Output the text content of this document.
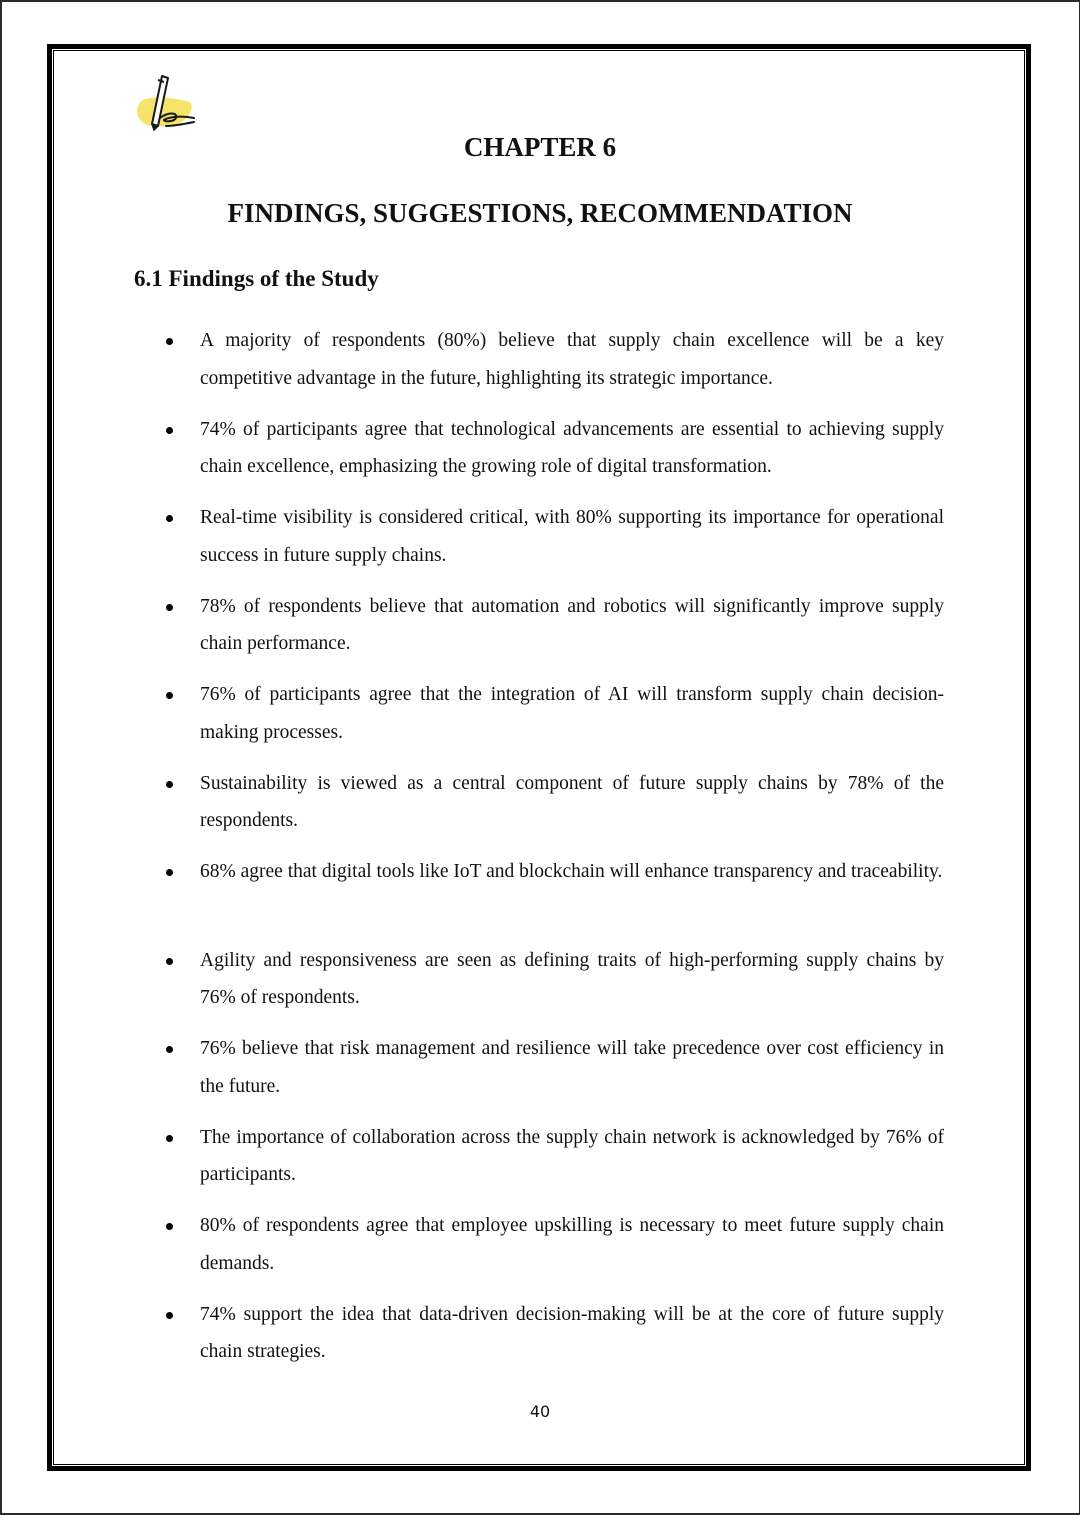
CHAPTER 6
FINDINGS, SUGGESTIONS, RECOMMENDATION
6.1 Findings of the Study
A majority of respondents (80%) believe that supply chain excellence will be a key competitive advantage in the future, highlighting its strategic importance.
74% of participants agree that technological advancements are essential to achieving supply chain excellence, emphasizing the growing role of digital transformation.
Real-time visibility is considered critical, with 80% supporting its importance for operational success in future supply chains.
78% of respondents believe that automation and robotics will significantly improve supply chain performance.
76% of participants agree that the integration of AI will transform supply chain decision-making processes.
Sustainability is viewed as a central component of future supply chains by 78% of the respondents.
68% agree that digital tools like IoT and blockchain will enhance transparency and traceability.
Agility and responsiveness are seen as defining traits of high-performing supply chains by 76% of respondents.
76% believe that risk management and resilience will take precedence over cost efficiency in the future.
The importance of collaboration across the supply chain network is acknowledged by 76% of participants.
80% of respondents agree that employee upskilling is necessary to meet future supply chain demands.
74% support the idea that data-driven decision-making will be at the core of future supply chain strategies.
40
